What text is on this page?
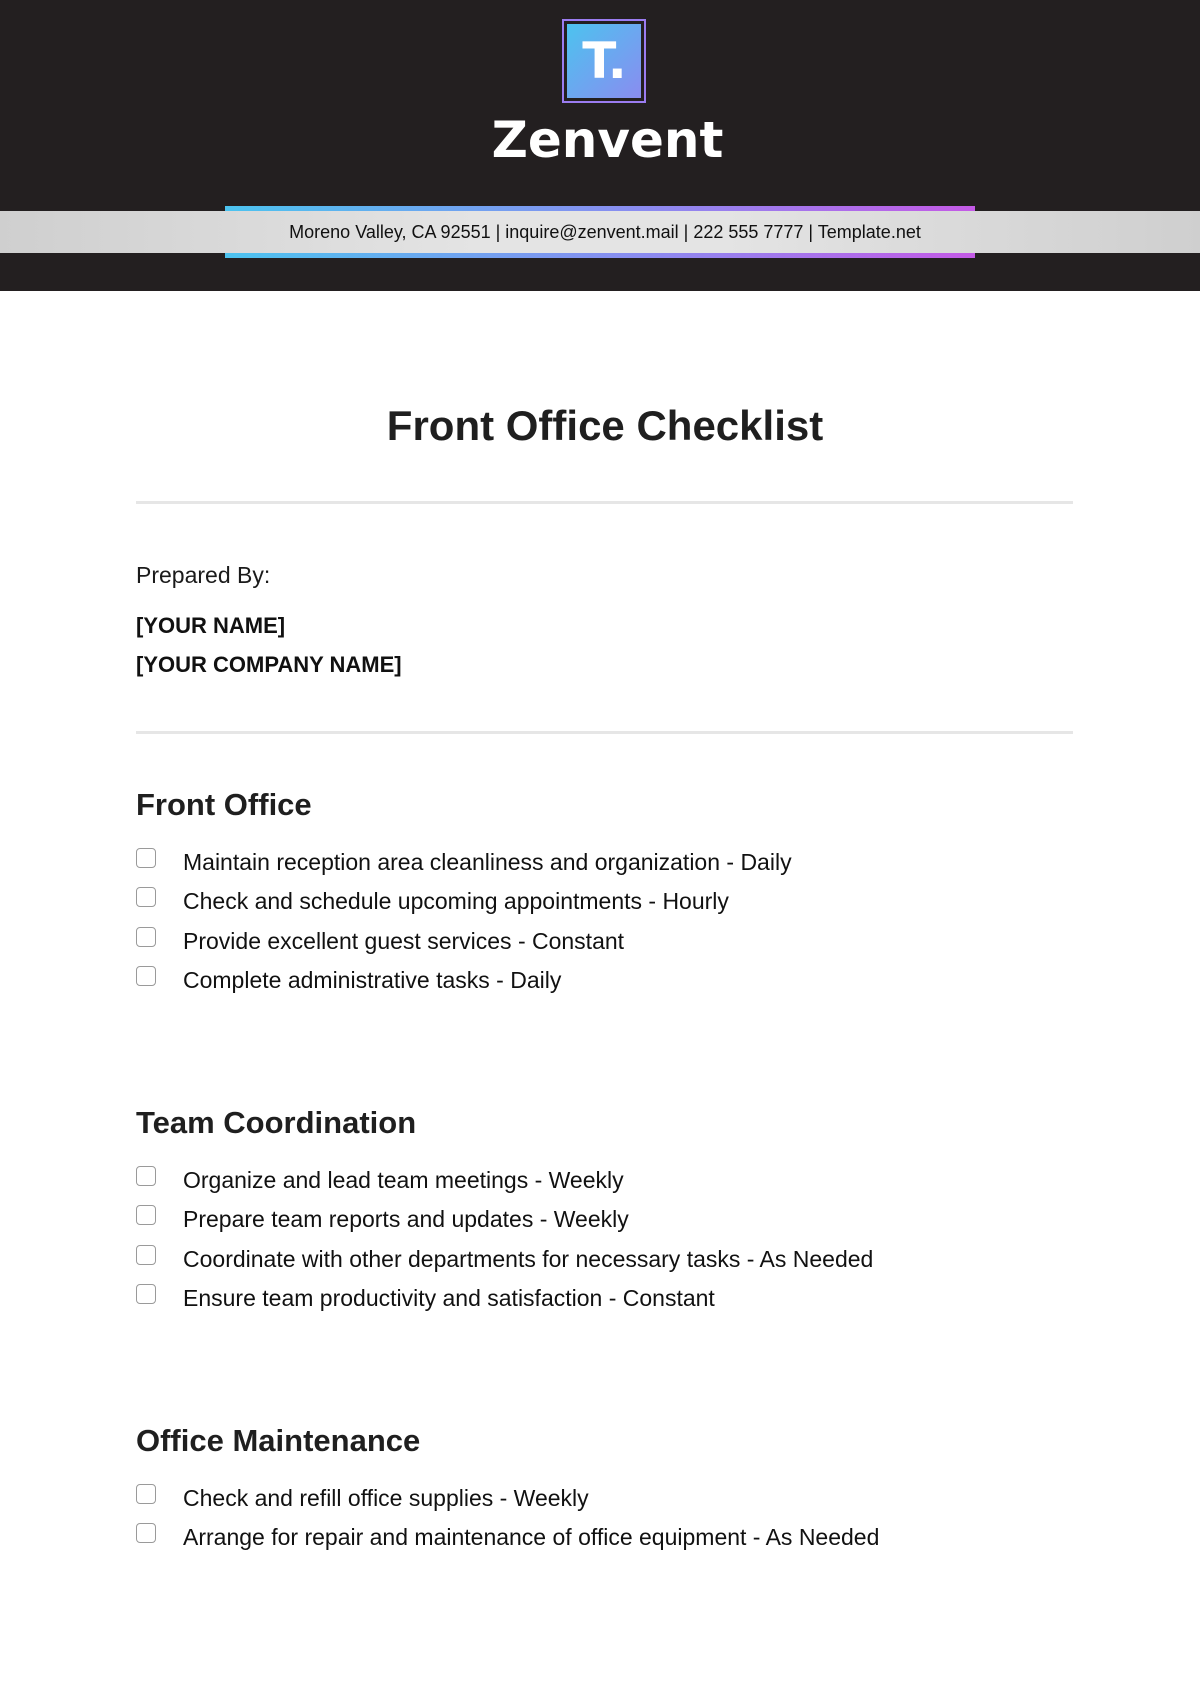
T.
Zenvent
Moreno Valley, CA 92551 | inquire@zenvent.mail | 222 555 7777 | Template.net
Front Office Checklist
Prepared By:
[YOUR NAME]
[YOUR COMPANY NAME]
Front Office
Maintain reception area cleanliness and organization - Daily
Check and schedule upcoming appointments - Hourly
Provide excellent guest services - Constant
Complete administrative tasks - Daily
Team Coordination
Organize and lead team meetings - Weekly
Prepare team reports and updates - Weekly
Coordinate with other departments for necessary tasks - As Needed
Ensure team productivity and satisfaction - Constant
Office Maintenance
Check and refill office supplies - Weekly
Arrange for repair and maintenance of office equipment - As Needed
